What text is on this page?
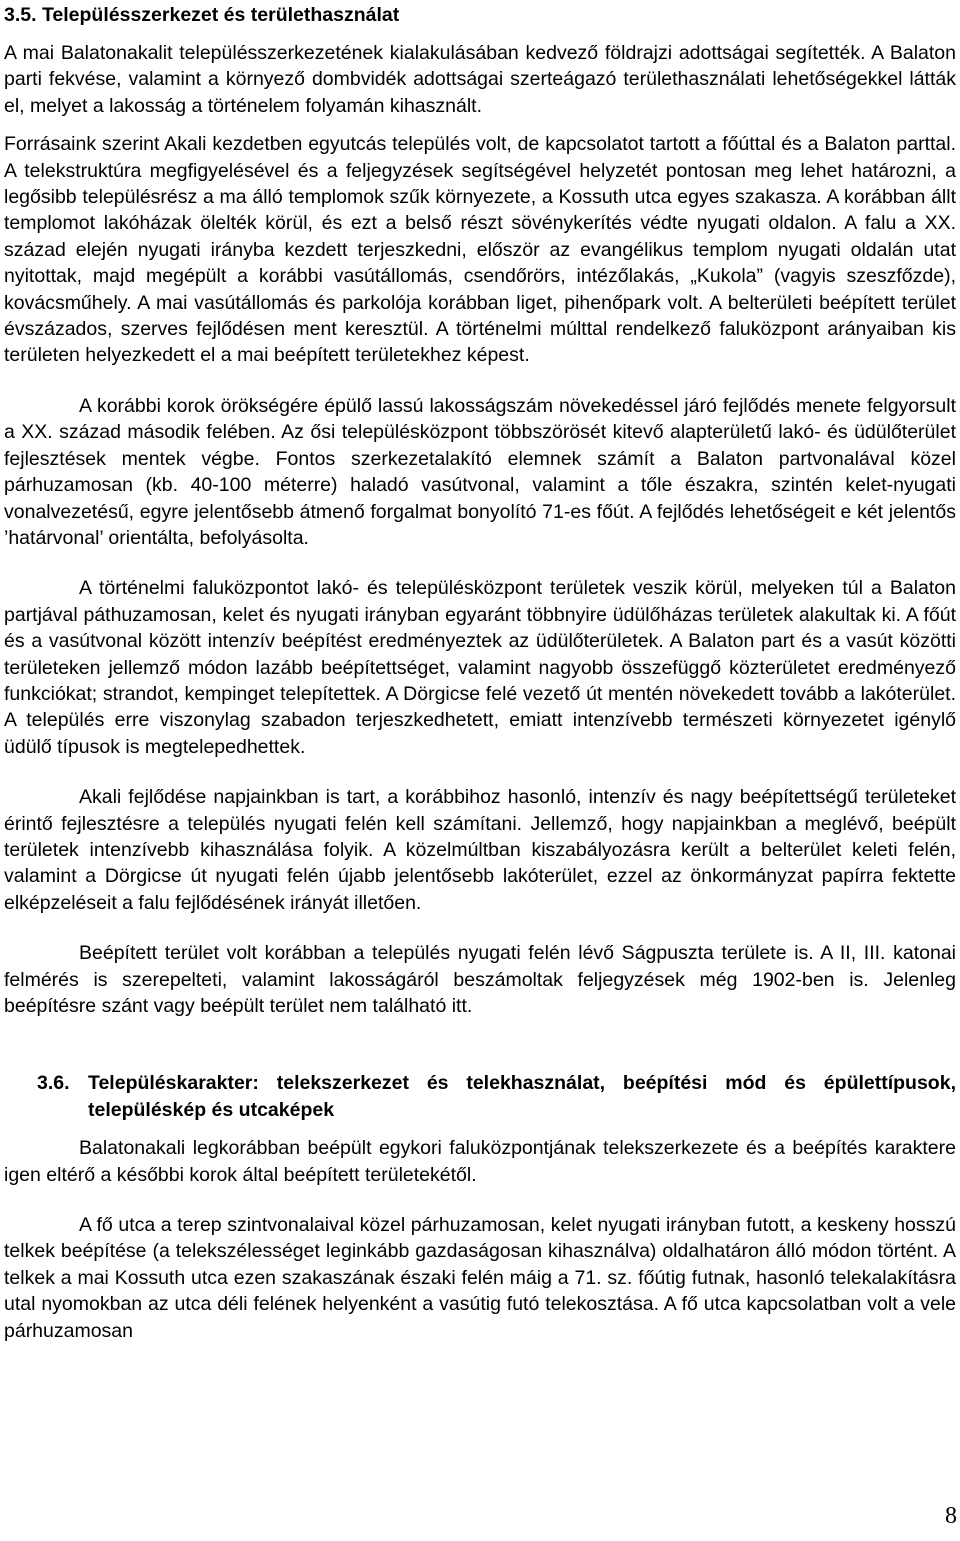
3.5. Településszerkezet és területhasználat

A mai Balatonakalit településszerkezetének kialakulásában kedvező földrajzi adottságai segítették. A Balaton parti fekvése, valamint a környező dombvidék adottságai szerteágazó területhasználati lehetőségekkel látták el, melyet a lakosság a történelem folyamán kihasznált.

Forrásaink szerint Akali kezdetben egyutcás település volt, de kapcsolatot tartott a főúttal és a Balaton parttal. A telekstruktúra megfigyelésével és a feljegyzések segítségével helyzetét pontosan meg lehet határozni, a legősibb településrész a ma álló templomok szűk környezete, a Kossuth utca egyes szakasza. A korábban állt templomot lakóházak ölelték körül, és ezt a belső részt sövénykerítés védte nyugati oldalon. A falu a XX. század elején nyugati irányba kezdett terjeszkedni, először az evangélikus templom nyugati oldalán utat nyitottak, majd megépült a korábbi vasútállomás, csendőrörs, intézőlakás, „Kukola” (vagyis szeszfőzde), kovácsműhely. A mai vasútállomás és parkolója korábban liget, pihenőpark volt. A belterületi beépített terület évszázados, szerves fejlődésen ment keresztül. A történelmi múlttal rendelkező faluközpont arányaiban kis területen helyezkedett el a mai beépített területekhez képest.

A korábbi korok örökségére épülő lassú lakosságszám növekedéssel járó fejlődés menete felgyorsult a XX. század második felében. Az ősi településközpont többszörösét kitevő alapterületű lakó- és üdülőterület fejlesztések mentek végbe. Fontos szerkezetalakító elemnek számít a Balaton partvonalával közel párhuzamosan (kb. 40-100 méterre) haladó vasútvonal, valamint a tőle északra, szintén kelet-nyugati vonalvezetésű, egyre jelentősebb átmenő forgalmat bonyolító 71-es főút. A fejlődés lehetőségeit e két jelentős ’határvonal’ orientálta, befolyásolta.

A történelmi faluközpontot lakó- és településközpont területek veszik körül, melyeken túl a Balaton partjával páthuzamosan, kelet és nyugati irányban egyaránt többnyire üdülőházas területek alakultak ki. A főút és a vasútvonal között intenzív beépítést eredményeztek az üdülőterületek. A Balaton part és a vasút közötti területeken jellemző módon lazább beépítettséget, valamint nagyobb összefüggő közterületet eredményező funkciókat; strandot, kempinget telepítettek. A Dörgicse felé vezető út mentén növekedett tovább a lakóterület. A település erre viszonylag szabadon terjeszkedhetett, emiatt intenzívebb természeti környezetet igénylő üdülő típusok is megtelepedhettek.

Akali fejlődése napjainkban is tart, a korábbihoz hasonló, intenzív és nagy beépítettségű területeket érintő fejlesztésre a település nyugati felén kell számítani. Jellemző, hogy napjainkban a meglévő, beépült területek intenzívebb kihasználása folyik. A közelmúltban kiszabályozásra került a belterület keleti felén, valamint a Dörgicse út nyugati felén újabb jelentősebb lakóterület, ezzel az önkormányzat papírra fektette elképzeléseit a falu fejlődésének irányát illetően.

Beépített terület volt korábban a település nyugati felén lévő Ságpuszta területe is. A II, III. katonai felmérés is szerepelteti, valamint lakosságáról beszámoltak feljegyzések még 1902-ben is. Jelenleg beépítésre szánt vagy beépült terület nem található itt.

3.6. Településkarakter: telekszerkezet és telekhasználat, beépítési mód és épülettípusok, településkép és utcaképek

Balatonakali legkorábban beépült egykori faluközpontjának telekszerkezete és a beépítés karaktere igen eltérő a későbbi korok által beépített területekétől.

A fő utca a terep szintvonalaival közel párhuzamosan, kelet nyugati irányban futott, a keskeny hosszú telkek beépítése (a telekszélességet leginkább gazdaságosan kihasználva) oldalhatáron álló módon történt. A telkek a mai Kossuth utca ezen szakaszának északi felén máig a 71. sz. főútig futnak, hasonló telekalakításra utal nyomokban az utca déli felének helyenként a vasútig futó telekosztása. A fő utca kapcsolatban volt a vele párhuzamosan

8
